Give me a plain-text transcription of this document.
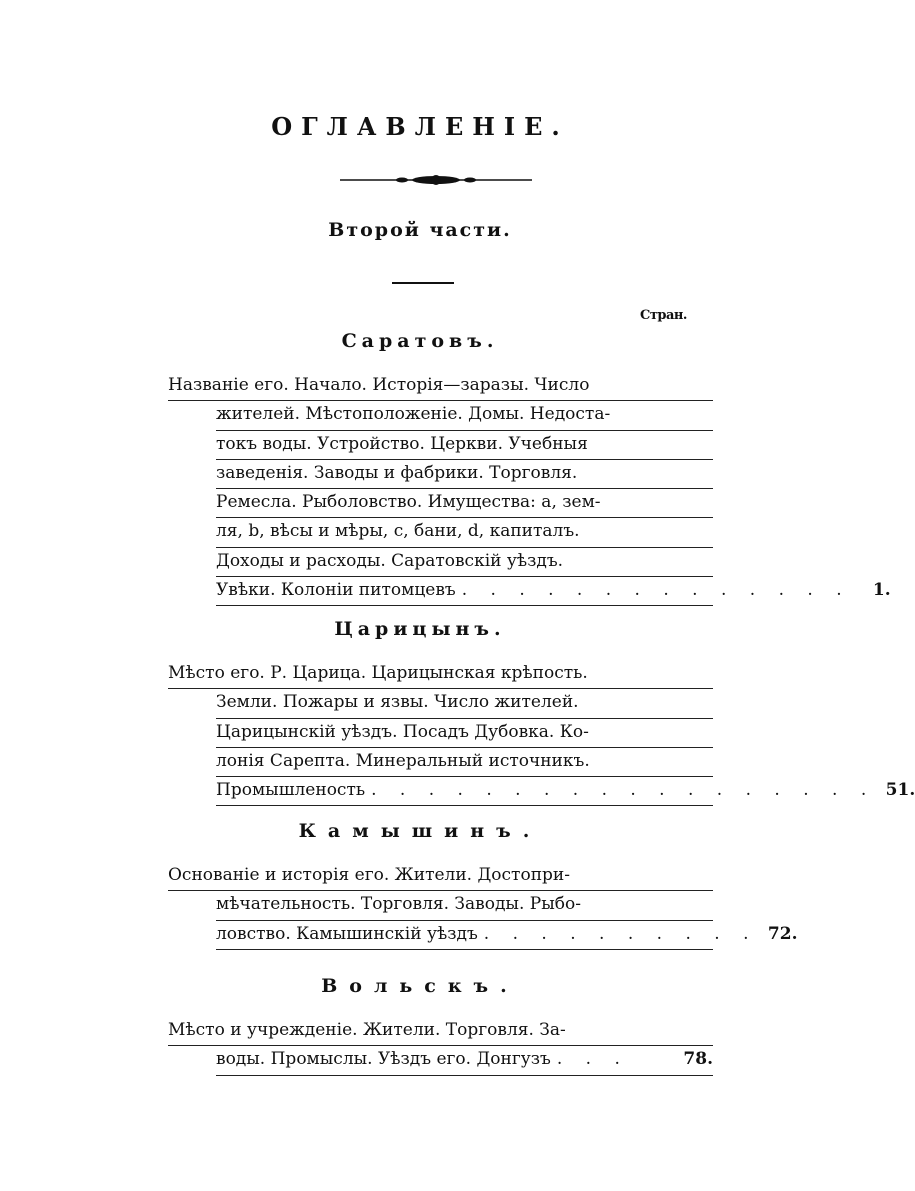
ОГЛАВЛЕНІЕ.
Второй части.
Стран.
Саратовъ.
Названіе его. Начало. Исторія—заразы. Число
жителей. Мѣстоположеніе. Домы. Недоста-
токъ воды. Устройство. Церкви. Учебныя
заведенія. Заводы и фабрики. Торговля.
Ремесла. Рыболовство. Имущества: a, зем-
ля, b, вѣсы и мѣры, c, бани, d, капиталъ.
Доходы и расходы. Саратовскій уѣздъ.
Увѣки. Колоніи питомцевъ . . . . . . . . . . . . . .	1.
Царицынъ.
Мѣсто его. Р. Царица. Царицынская крѣпость.
Земли. Пожары и язвы. Число жителей.
Царицынскій уѣздъ. Посадъ Дубовка. Ко-
лонія Сарепта. Минеральный источникъ.
Промышленость . . . . . . . . . . . . . . . . . . 51.
Камышинъ.
Основаніе и исторія его. Жители. Достопри-
мѣчательность. Торговля. Заводы. Рыбо-
ловство. Камышинскій уѣздъ . . . . . . . . . . 72.
Вольскъ.
Мѣсто и учрежденіе. Жители. Торговля. За-
воды. Промыслы. Уѣздъ его. Донгузъ . . .	78.
